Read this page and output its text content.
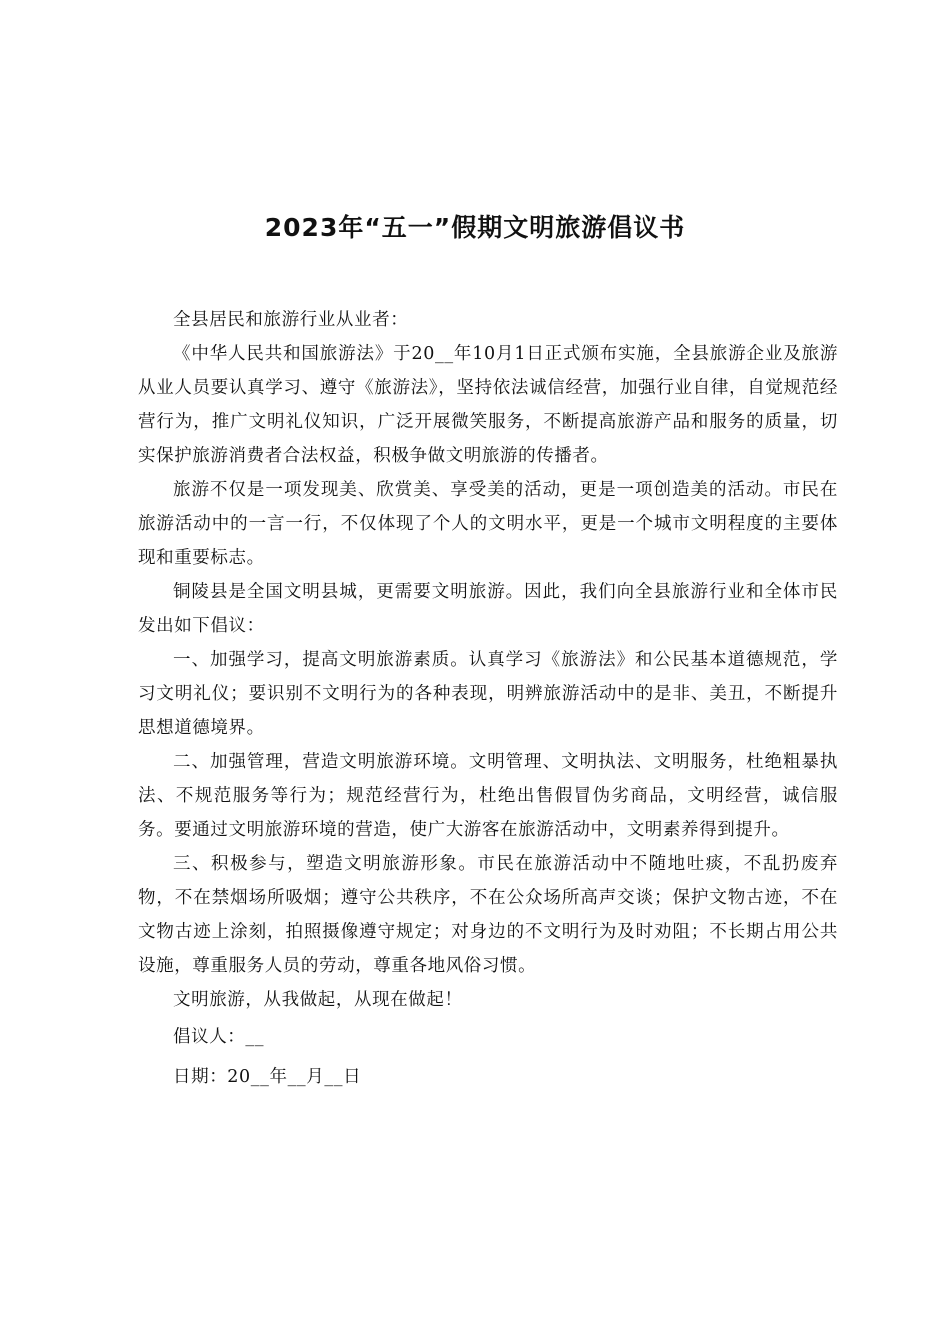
2023年“五一”假期文明旅游倡议书

全县居民和旅游行业从业者：

《中华人民共和国旅游法》于20__年10月1日正式颁布实施，全县旅游企业及旅游从业人员要认真学习、遵守《旅游法》，坚持依法诚信经营，加强行业自律，自觉规范经营行为，推广文明礼仪知识，广泛开展微笑服务，不断提高旅游产品和服务的质量，切实保护旅游消费者合法权益，积极争做文明旅游的传播者。

旅游不仅是一项发现美、欣赏美、享受美的活动，更是一项创造美的活动。市民在旅游活动中的一言一行，不仅体现了个人的文明水平，更是一个城市文明程度的主要体现和重要标志。

铜陵县是全国文明县城，更需要文明旅游。因此，我们向全县旅游行业和全体市民发出如下倡议：

一、加强学习，提高文明旅游素质。认真学习《旅游法》和公民基本道德规范，学习文明礼仪；要识别不文明行为的各种表现，明辨旅游活动中的是非、美丑，不断提升思想道德境界。

二、加强管理，营造文明旅游环境。文明管理、文明执法、文明服务，杜绝粗暴执法、不规范服务等行为；规范经营行为，杜绝出售假冒伪劣商品，文明经营，诚信服务。要通过文明旅游环境的营造，使广大游客在旅游活动中，文明素养得到提升。

三、积极参与，塑造文明旅游形象。市民在旅游活动中不随地吐痰，不乱扔废弃物，不在禁烟场所吸烟；遵守公共秩序，不在公众场所高声交谈；保护文物古迹，不在文物古迹上涂刻，拍照摄像遵守规定；对身边的不文明行为及时劝阻；不长期占用公共设施，尊重服务人员的劳动，尊重各地风俗习惯。

文明旅游，从我做起，从现在做起！

倡议人：__

日期：20__年__月__日
